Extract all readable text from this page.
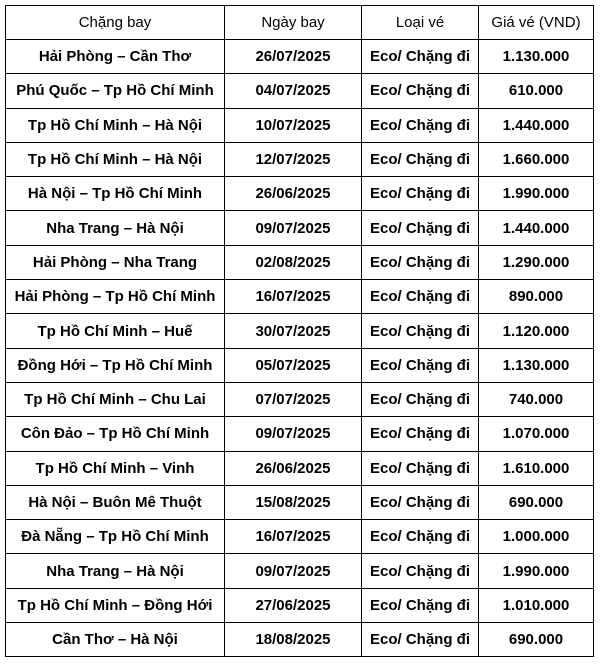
Chặng bay	Ngày bay	Loại vé	Giá vé (VND)
Hải Phòng – Cần Thơ	26/07/2025	Eco/ Chặng đi	1.130.000
Phú Quốc – Tp Hồ Chí Minh	04/07/2025	Eco/ Chặng đi	610.000
Tp Hồ Chí Minh – Hà Nội	10/07/2025	Eco/ Chặng đi	1.440.000
Tp Hồ Chí Minh – Hà Nội	12/07/2025	Eco/ Chặng đi	1.660.000
Hà Nội – Tp Hồ Chí Minh	26/06/2025	Eco/ Chặng đi	1.990.000
Nha Trang – Hà Nội	09/07/2025	Eco/ Chặng đi	1.440.000
Hải Phòng – Nha Trang	02/08/2025	Eco/ Chặng đi	1.290.000
Hải Phòng – Tp Hồ Chí Minh	16/07/2025	Eco/ Chặng đi	890.000
Tp Hồ Chí Minh – Huế	30/07/2025	Eco/ Chặng đi	1.120.000
Đồng Hới – Tp Hồ Chí Minh	05/07/2025	Eco/ Chặng đi	1.130.000
Tp Hồ Chí Minh – Chu Lai	07/07/2025	Eco/ Chặng đi	740.000
Côn Đảo – Tp Hồ Chí Minh	09/07/2025	Eco/ Chặng đi	1.070.000
Tp Hồ Chí Minh – Vinh	26/06/2025	Eco/ Chặng đi	1.610.000
Hà Nội – Buôn Mê Thuột	15/08/2025	Eco/ Chặng đi	690.000
Đà Nẵng – Tp Hồ Chí Minh	16/07/2025	Eco/ Chặng đi	1.000.000
Nha Trang – Hà Nội	09/07/2025	Eco/ Chặng đi	1.990.000
Tp Hồ Chí Minh – Đồng Hới	27/06/2025	Eco/ Chặng đi	1.010.000
Cần Thơ – Hà Nội	18/08/2025	Eco/ Chặng đi	690.000
